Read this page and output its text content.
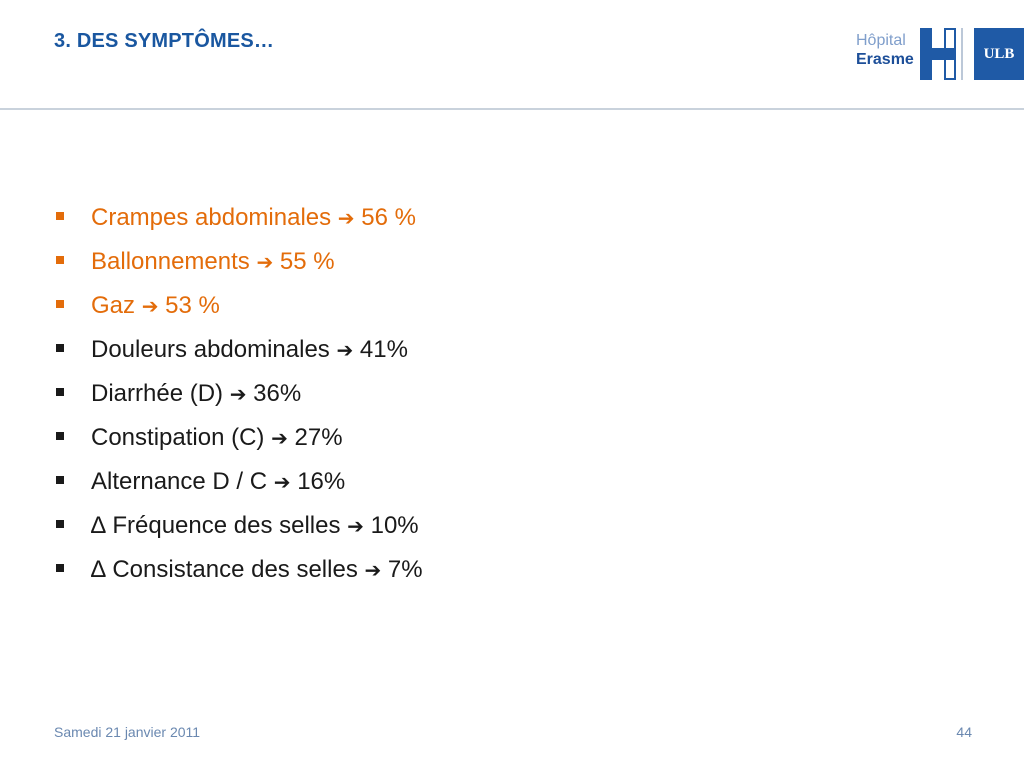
3. DES SYMPTÔMES…	Hôpital
Erasme	ULB
Crampes abdominales
➔
56 %
Ballonnements
➔
55 %
Gaz
➔
53 %
Douleurs abdominales
➔
41%
Diarrhée (D)
➔
36%
Constipation (C)
➔
27%
Alternance D / C
➔
16%
∆ Fréquence des selles
➔
10%
∆ Consistance des selles
➔
7%
Samedi 21 janvier 2011	44
